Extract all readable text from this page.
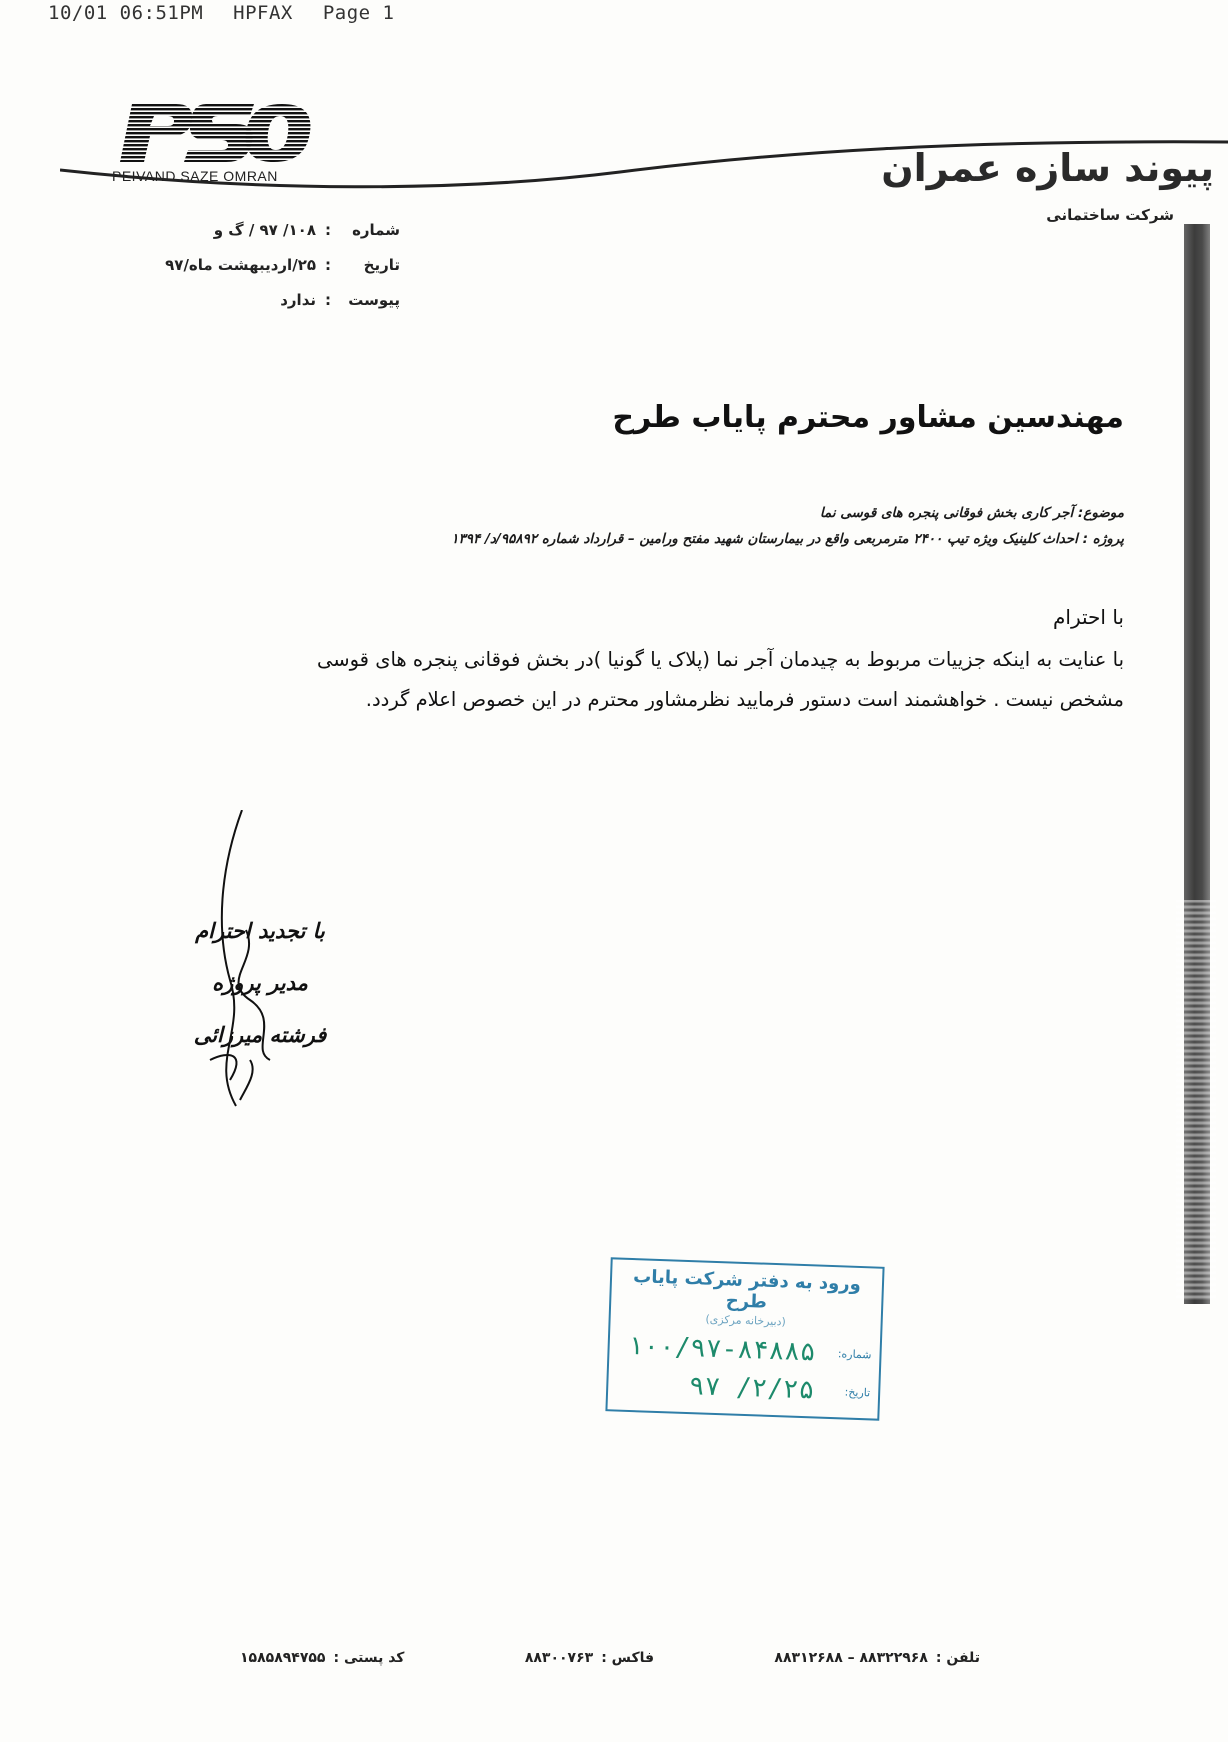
10/01 06:51PM HPFAX Page 1
PEIVAND SAZE OMRAN	پیوند سازه عمران
شرکت ساختمانی
شماره
:
۱۰۸/ ۹۷ / گ و
تاریخ
:
۲۵/اردیبهشت ماه/۹۷
پیوست
:
ندارد
مهندسین مشاور محترم پایاب طرح
موضوع: آجر کاری بخش فوقانی پنجره های قوسی نما
پروژه : احداث کلینیک ویژه تیپ ۲۴۰۰ مترمربعی واقع در بیمارستان شهید مفتح ورامین – قرارداد شماره ۹۵۸۹۲/د/ ۱۳۹۴
با احترام

با عنایت به اینکه جزییات مربوط به چیدمان آجر نما (پلاک یا گونیا )در بخش فوقانی پنجره های قوسی

مشخص نیست . خواهشمند است دستور فرمایید نظرمشاور محترم در این خصوص اعلام گردد.

با تجدید احترام
مدیر پروژه
فرشته میرزائی
ورود به دفتر شرکت پایاب طرح
(دبیرخانه مرکزی)
شماره:
۱۰۰/۹۷-۸۴۸۸۵
تاریخ:
۹۷ /۲/۲۵
تلفن :
۸۸۳۲۲۹۶۸ – ۸۸۳۱۲۶۸۸
فاکس :
۸۸۳۰۰۷۶۳
کد پستی :
۱۵۸۵۸۹۴۷۵۵
